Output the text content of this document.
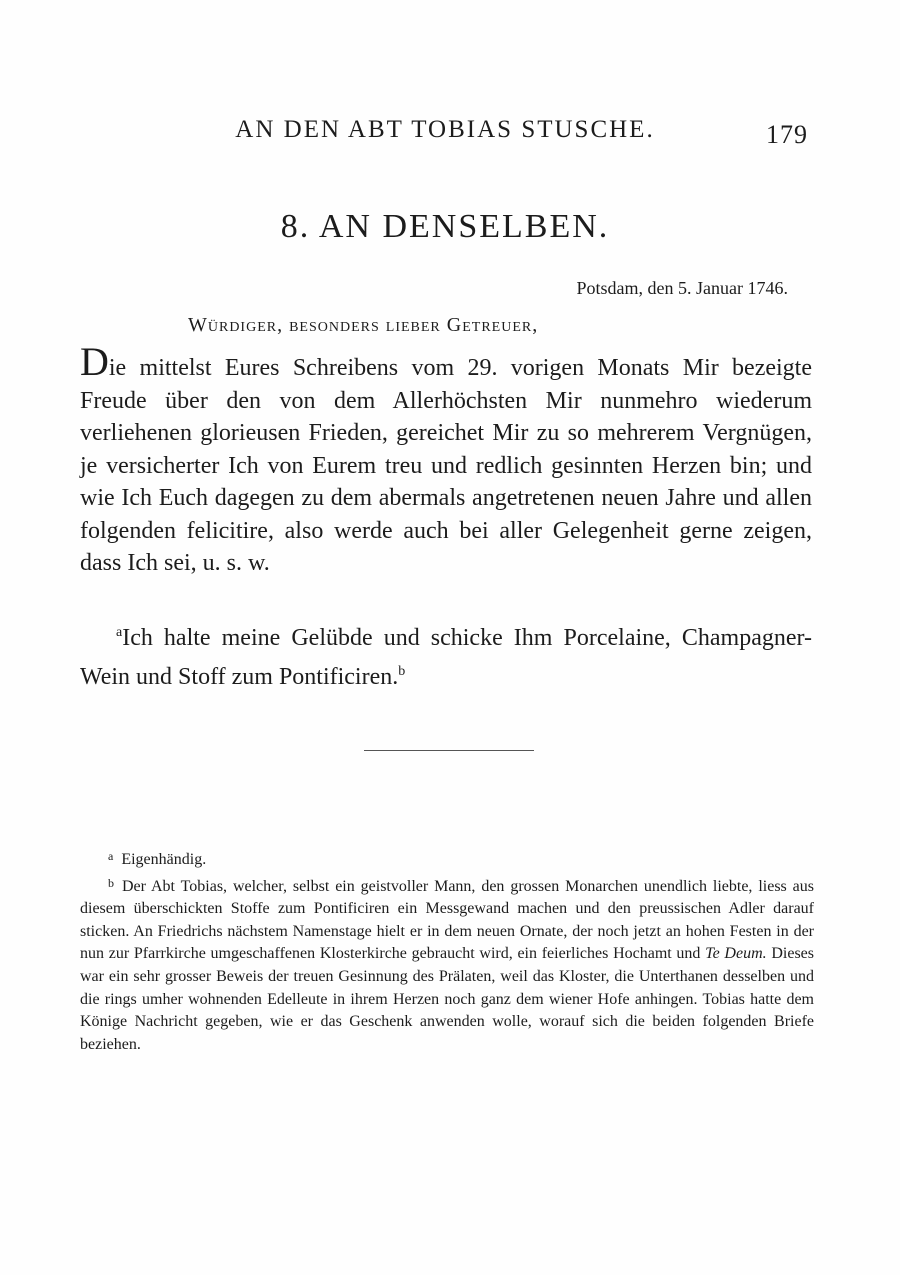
AN DEN ABT TOBIAS STUSCHE.	179
8. AN DENSELBEN.
Potsdam, den 5. Januar 1746.
Würdiger, besonders lieber Getreuer,
Die mittelst Eures Schreibens vom 29. vorigen Monats Mir bezeigte Freude über den von dem Allerhöchsten Mir nunmehro wiederum verliehenen glorieusen Frieden, gereichet Mir zu so mehrerem Vergnügen, je versicherter Ich von Eurem treu und redlich gesinnten Herzen bin; und wie Ich Euch dagegen zu dem abermals angetretenen neuen Jahre und allen folgenden felicitire, also werde auch bei aller Gelegenheit gerne zeigen, dass Ich sei, u. s. w.
$^a$Ich halte meine Gelübde und schicke Ihm Porcelaine, Champagner-Wein und Stoff zum Pontificiren.$^b$

$^a$ Eigenhändig.

$^b$ Der Abt Tobias, welcher, selbst ein geistvoller Mann, den grossen Monarchen unendlich liebte, liess aus diesem überschickten Stoffe zum Pontificiren ein Messgewand machen und den preussischen Adler darauf sticken. An Friedrichs nächstem Namenstage hielt er in dem neuen Ornate, der noch jetzt an hohen Festen in der nun zur Pfarrkirche umgeschaffenen Klosterkirche gebraucht wird, ein feierliches Hochamt und Te Deum. Dieses war ein sehr grosser Beweis der treuen Gesinnung des Prälaten, weil das Kloster, die Unterthanen desselben und die rings umher wohnenden Edelleute in ihrem Herzen noch ganz dem wiener Hofe anhingen. Tobias hatte dem Könige Nachricht gegeben, wie er das Geschenk anwenden wolle, worauf sich die beiden folgenden Briefe beziehen.
